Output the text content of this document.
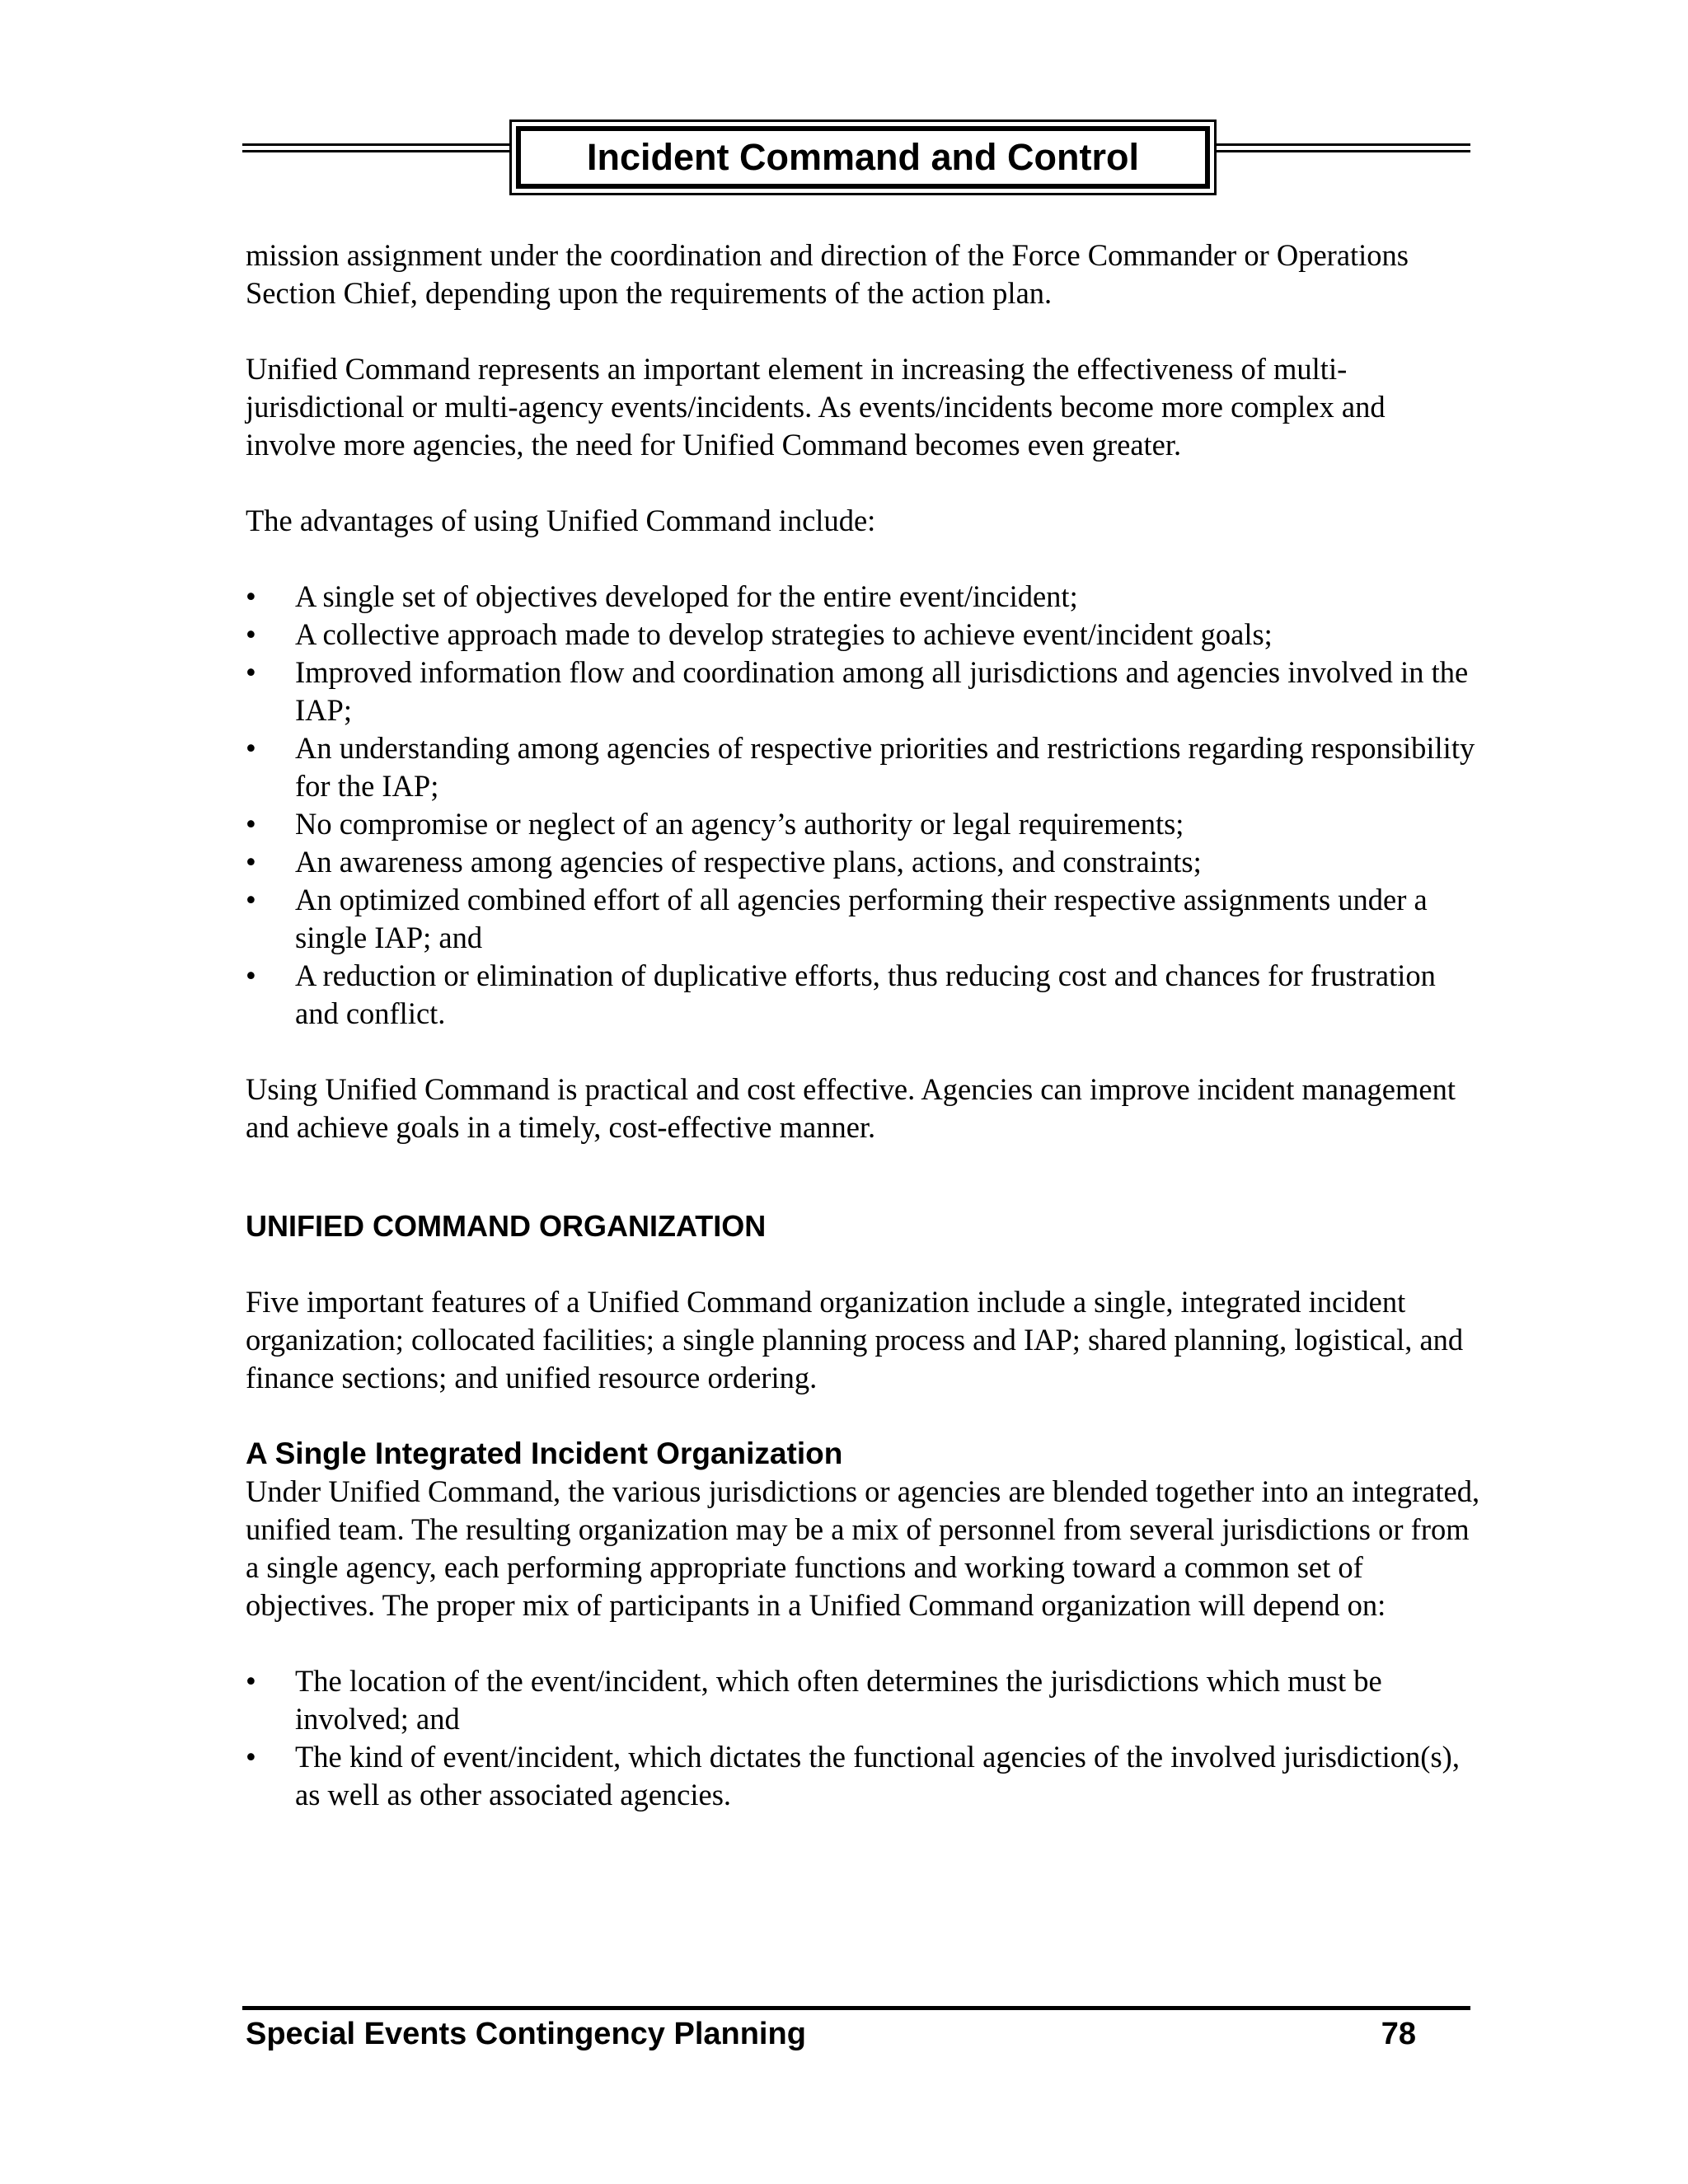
Incident Command and Control

mission assignment under the coordination and direction of the Force Commander or Operations Section Chief, depending upon the requirements of the action plan.

Unified Command represents an important element in increasing the effectiveness of multi-jurisdictional or multi-agency events/incidents. As events/incidents become more complex and involve more agencies, the need for Unified Command becomes even greater.

The advantages of using Unified Command include:

• A single set of objectives developed for the entire event/incident;
• A collective approach made to develop strategies to achieve event/incident goals;
• Improved information flow and coordination among all jurisdictions and agencies involved in the IAP;
• An understanding among agencies of respective priorities and restrictions regarding responsibility for the IAP;
• No compromise or neglect of an agency’s authority or legal requirements;
• An awareness among agencies of respective plans, actions, and constraints;
• An optimized combined effort of all agencies performing their respective assignments under a single IAP; and
• A reduction or elimination of duplicative efforts, thus reducing cost and chances for frustration and conflict.

Using Unified Command is practical and cost effective. Agencies can improve incident management and achieve goals in a timely, cost-effective manner.

UNIFIED COMMAND ORGANIZATION

Five important features of a Unified Command organization include a single, integrated incident organization; collocated facilities; a single planning process and IAP; shared planning, logistical, and finance sections; and unified resource ordering.

A Single Integrated Incident Organization

Under Unified Command, the various jurisdictions or agencies are blended together into an integrated, unified team. The resulting organization may be a mix of personnel from several jurisdictions or from a single agency, each performing appropriate functions and working toward a common set of objectives. The proper mix of participants in a Unified Command organization will depend on:

• The location of the event/incident, which often determines the jurisdictions which must be involved; and
• The kind of event/incident, which dictates the functional agencies of the involved jurisdiction(s), as well as other associated agencies.
Special Events Contingency Planning	78
